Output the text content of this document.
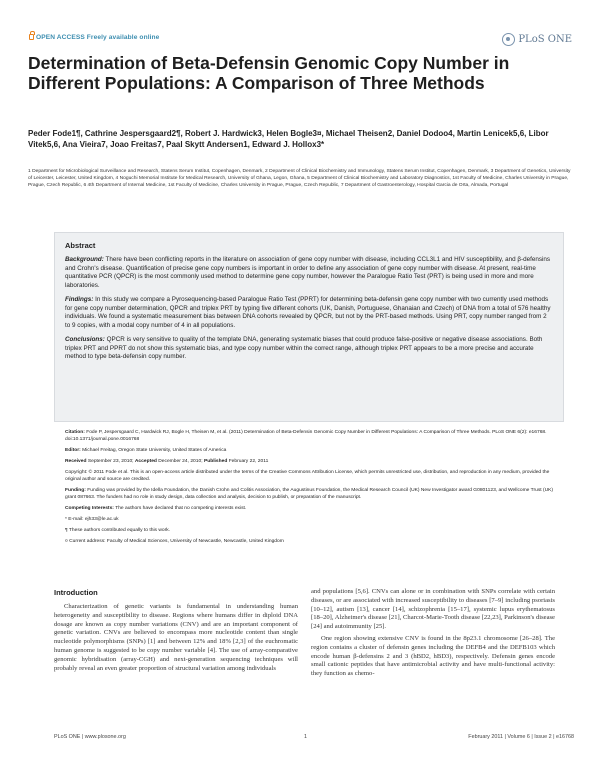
OPEN ACCESS Freely available online	PLoS ONE
Determination of Beta-Defensin Genomic Copy Number in Different Populations: A Comparison of Three Methods
Peder Fode1¶, Cathrine Jespersgaard2¶, Robert J. Hardwick3, Helen Bogle3¤, Michael Theisen2, Daniel Dodoo4, Martin Lenicek5,6, Libor Vitek5,6, Ana Vieira7, Joao Freitas7, Paal Skytt Andersen1, Edward J. Hollox3*
1 Department for Microbiological Surveillance and Research, Statens Serum Institut, Copenhagen, Denmark, 2 Department of Clinical Biochemistry and Immunology, Statens Serum Institut, Copenhagen, Denmark, 3 Department of Genetics, University of Leicester, Leicester, United Kingdom, 4 Noguchi Memorial Institute for Medical Research, University of Ghana, Legon, Ghana, 5 Department of Clinical Biochemistry and Laboratory Diagnostics, 1st Faculty of Medicine, Charles University in Prague, Prague, Czech Republic, 6 4th Department of Internal Medicine, 1st Faculty of Medicine, Charles University in Prague, Prague, Czech Republic, 7 Department of Gastroenterology, Hospital Garcia de Orta, Almada, Portugal
Abstract

Background: There have been conflicting reports in the literature on association of gene copy number with disease, including CCL3L1 and HIV susceptibility, and β-defensins and Crohn's disease. Quantification of precise gene copy numbers is important in order to define any association of gene copy number with disease. At present, real-time quantitative PCR (QPCR) is the most commonly used method to determine gene copy number, however the Paralogue Ratio Test (PRT) is being used in more and more laboratories.

Findings: In this study we compare a Pyrosequencing-based Paralogue Ratio Test (PPRT) for determining beta-defensin gene copy number with two currently used methods for gene copy number determination, QPCR and triplex PRT by typing five different cohorts (UK, Danish, Portuguese, Ghanaian and Czech) of DNA from a total of 576 healthy individuals. We found a systematic measurement bias between DNA cohorts revealed by QPCR, but not by the PRT-based methods. Using PRT, copy number ranged from 2 to 9 copies, with a modal copy number of 4 in all populations.

Conclusions: QPCR is very sensitive to quality of the template DNA, generating systematic biases that could produce false-positive or negative disease associations. Both triplex PRT and PPRT do not show this systematic bias, and type copy number within the correct range, although triplex PRT appears to be a more precise and accurate method to type beta-defensin copy number.

Citation: Fode P, Jespersgaard C, Hardwick RJ, Bogle H, Theisen M, et al. (2011) Determination of Beta-Defensin Genomic Copy Number in Different Populations: A Comparison of Three Methods. PLoS ONE 6(2): e16768. doi:10.1371/journal.pone.0016768

Editor: Michael Freitag, Oregon State University, United States of America

Received September 23, 2010; Accepted December 24, 2010; Published February 22, 2011

Copyright: © 2011 Fode et al. This is an open-access article distributed under the terms of the Creative Commons Attribution License, which permits unrestricted use, distribution, and reproduction in any medium, provided the original author and source are credited.

Funding: Funding was provided by the Idella Foundation, the Danish Crohn and Colitis Association, the Augustinus Foundation, the Medical Research Council (UK) New Investigator award G0801123, and Wellcome Trust (UK) grant 087663. The funders had no role in study design, data collection and analysis, decision to publish, or preparation of the manuscript.

Competing Interests: The authors have declared that no competing interests exist.

* E-mail: ejh33@le.ac.uk

¶ These authors contributed equally to this work.

¤ Current address: Faculty of Medical Sciences, University of Newcastle, Newcastle, United Kingdom

Introduction

Characterization of genetic variants is fundamental in understanding human heterogeneity and susceptibility to disease. Regions where humans differ in diploid DNA dosage are known as copy number variations (CNV) and are an important component of genetic variation. CNVs are believed to encompass more nucleotide content than single nucleotide polymorphisms (SNPs) [1] and between 12% and 18% [2,3] of the euchromatic human genome is suggested to be copy number variable [4]. The use of array-comparative genomic hybridisation (array-CGH) and next-generation sequencing techniques will probably reveal an even greater proportion of structural variation among individuals

and populations [5,6]. CNVs can alone or in combination with SNPs correlate with certain diseases, or are associated with increased susceptibility to diseases [7–9] including psoriasis [10–12], autism [13], cancer [14], schizophrenia [15–17], systemic lupus erythematosus [18–20], Alzheimer's disease [21], Charcot-Marie-Tooth disease [22,23], Parkinson's disease [24] and autoimmunity [25].

One region showing extensive CNV is found in the 8p23.1 chromosome [26–28]. The region contains a cluster of defensin genes including the DEFB4 and the DEFB103 which encode human β-defensins 2 and 3 (hBD2, hBD3), respectively. Defensin genes encode small cationic peptides that have antimicrobial activity and have multi-functional activity: they function as chemo-

PLoS ONE | www.plosone.org	1	February 2011 | Volume 6 | Issue 2 | e16768
